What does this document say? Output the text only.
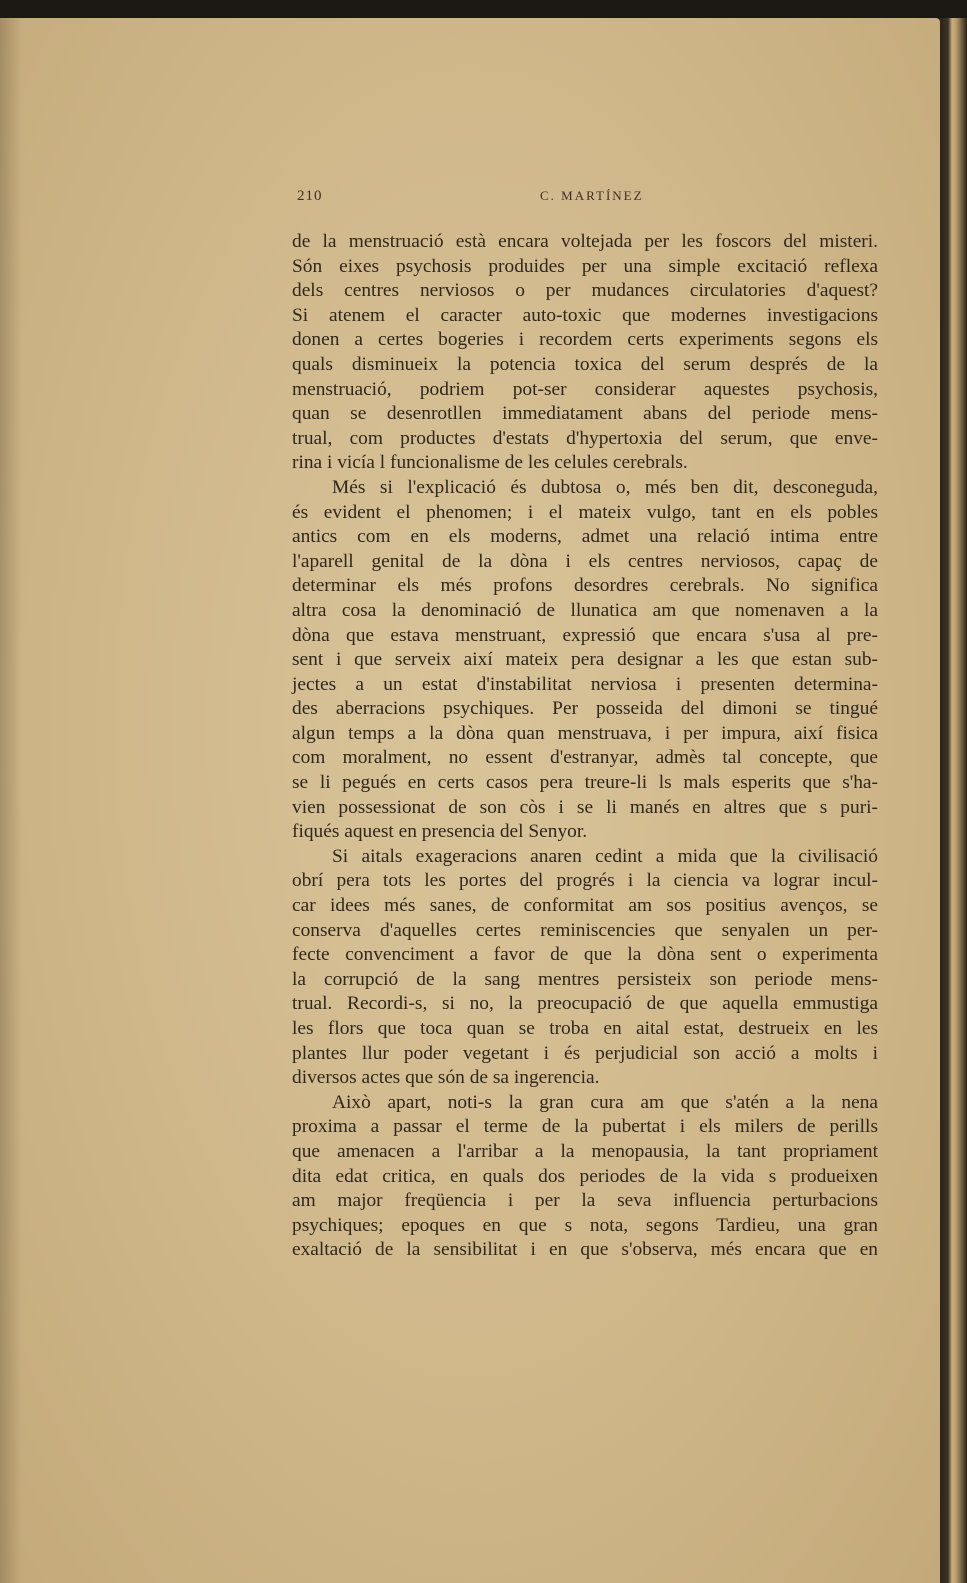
210	C. MARTÍNEZ
de la menstruació està encara voltejada per les foscors del misteri.
Són eixes psychosis produides per una simple excitació reflexa
dels centres nerviosos o per mudances circulatories d'aquest?
Si atenem el caracter auto-toxic que modernes investigacions
donen a certes bogeries i recordem certs experiments segons els
quals disminueix la potencia toxica del serum després de la
menstruació, podriem pot-ser considerar aquestes psychosis,
quan se desenrotllen immediatament abans del periode mens-
trual, com productes d'estats d'hypertoxia del serum, que enve-
rina i vicía l funcionalisme de les celules cerebrals.
Més si l'explicació és dubtosa o, més ben dit, desconeguda,
és evident el phenomen; i el mateix vulgo, tant en els pobles
antics com en els moderns, admet una relació intima entre
l'aparell genital de la dòna i els centres nerviosos, capaç de
determinar els més profons desordres cerebrals. No significa
altra cosa la denominació de llunatica am que nomenaven a la
dòna que estava menstruant, expressió que encara s'usa al pre-
sent i que serveix així mateix pera designar a les que estan sub-
jectes a un estat d'instabilitat nerviosa i presenten determina-
des aberracions psychiques. Per posseida del dimoni se tingué
algun temps a la dòna quan menstruava, i per impura, així fisica
com moralment, no essent d'estranyar, admès tal concepte, que
se li pegués en certs casos pera treure-li ls mals esperits que s'ha-
vien possessionat de son còs i se li manés en altres que s puri-
fiqués aquest en presencia del Senyor.
Si aitals exageracions anaren cedint a mida que la civilisació
obrí pera tots les portes del progrés i la ciencia va lograr incul-
car idees més sanes, de conformitat am sos positius avenços, se
conserva d'aquelles certes reminiscencies que senyalen un per-
fecte convenciment a favor de que la dòna sent o experimenta
la corrupció de la sang mentres persisteix son periode mens-
trual. Recordi-s, si no, la preocupació de que aquella emmustiga
les flors que toca quan se troba en aital estat, destrueix en les
plantes llur poder vegetant i és perjudicial son acció a molts i
diversos actes que són de sa ingerencia.
Això apart, noti-s la gran cura am que s'atén a la nena
proxima a passar el terme de la pubertat i els milers de perills
que amenacen a l'arribar a la menopausia, la tant propriament
dita edat critica, en quals dos periodes de la vida s produeixen
am major freqüencia i per la seva influencia perturbacions
psychiques; epoques en que s nota, segons Tardieu, una gran
exaltació de la sensibilitat i en que s'observa, més encara que en
